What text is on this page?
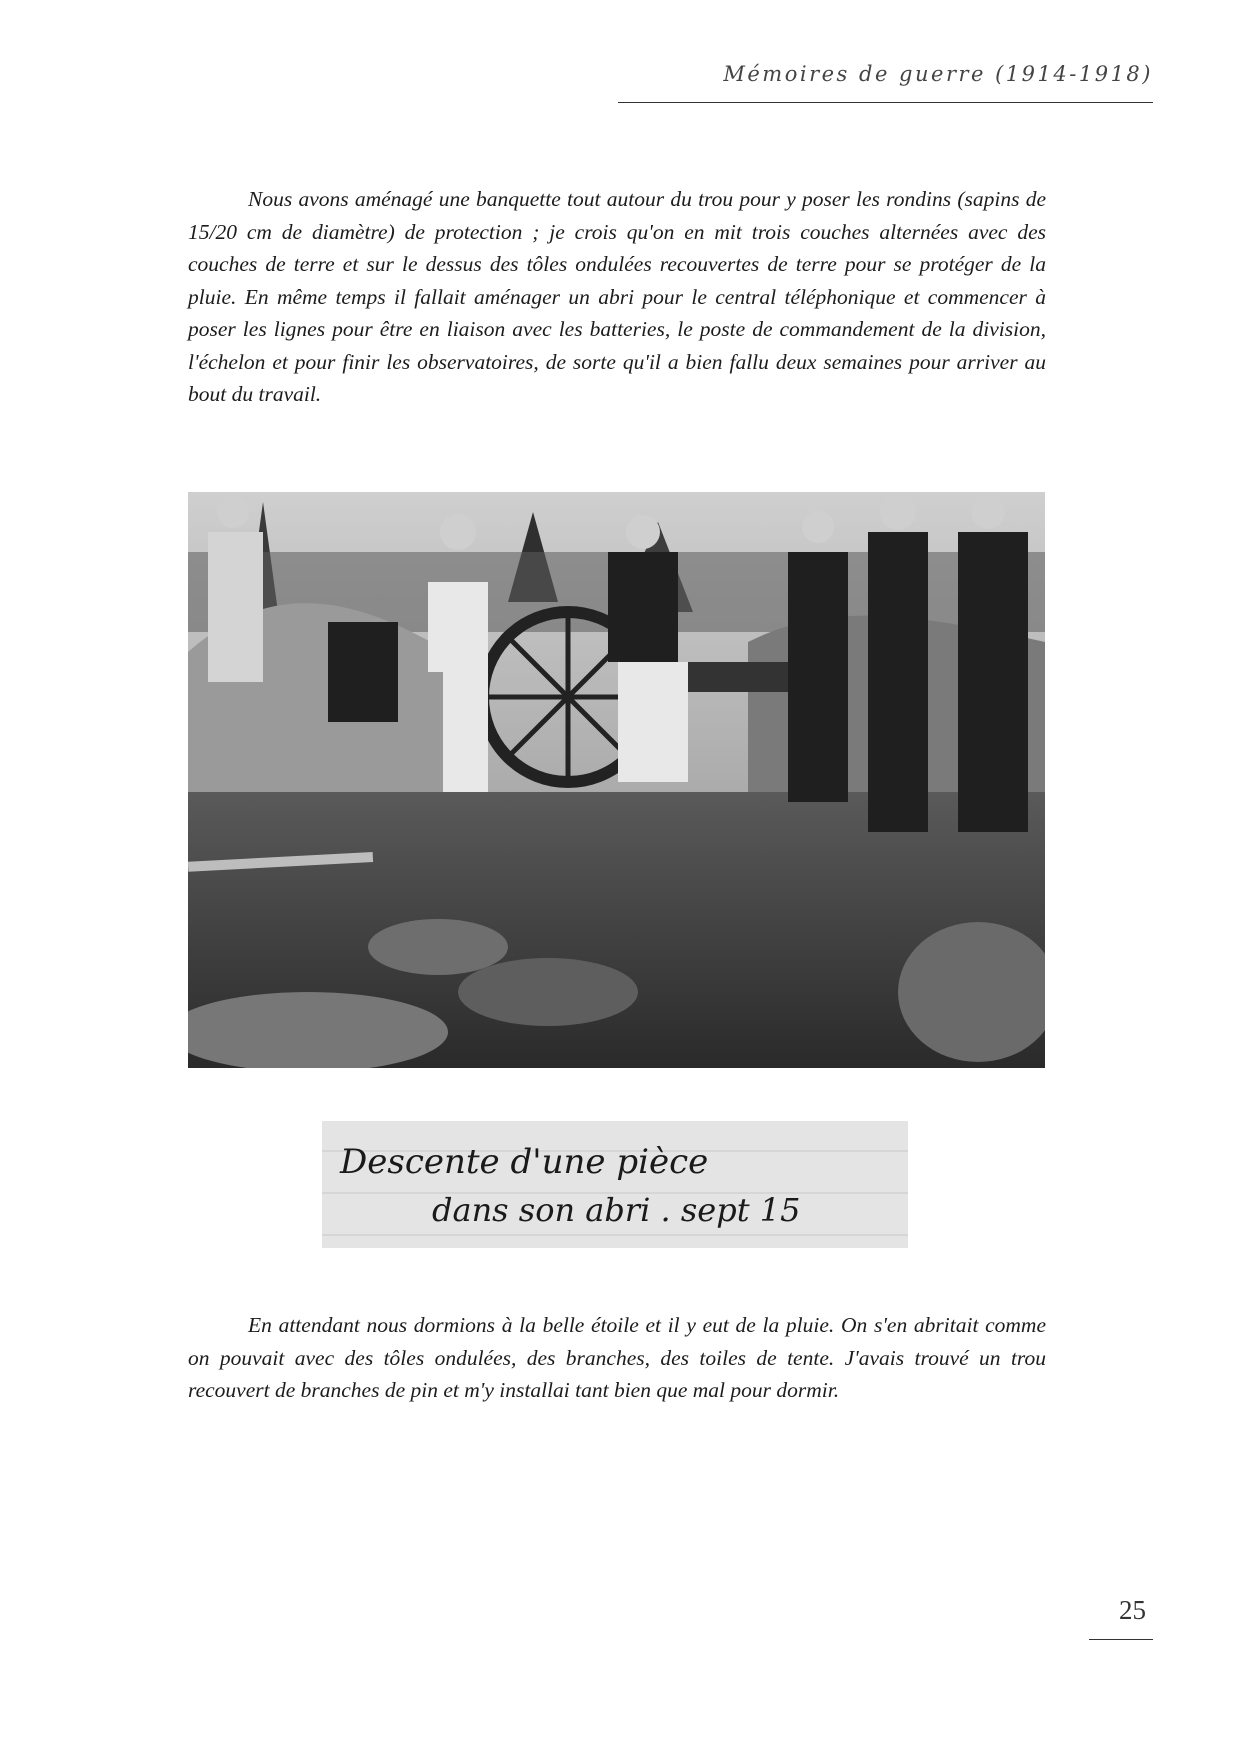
Mémoires de guerre (1914-1918)

Nous avons aménagé une banquette tout autour du trou pour y poser les rondins (sapins de 15/20 cm de diamètre) de protection ; je crois qu'on en mit trois couches alternées avec des couches de terre et sur le dessus des tôles ondulées recouvertes de terre pour se protéger de la pluie. En même temps il fallait aménager un abri pour le central téléphonique et commencer à poser les lignes pour être en liaison avec les batteries, le poste de commandement de la division, l'échelon et pour finir les observatoires, de sorte qu'il a bien fallu deux semaines pour arriver au bout du travail.

Descente d'une pièce
dans son abri . sept 15

En attendant nous dormions à la belle étoile et il y eut de la pluie. On s'en abritait comme on pouvait avec des tôles ondulées, des branches, des toiles de tente. J'avais trouvé un trou recouvert de branches de pin et m'y installai tant bien que mal pour dormir.

25
